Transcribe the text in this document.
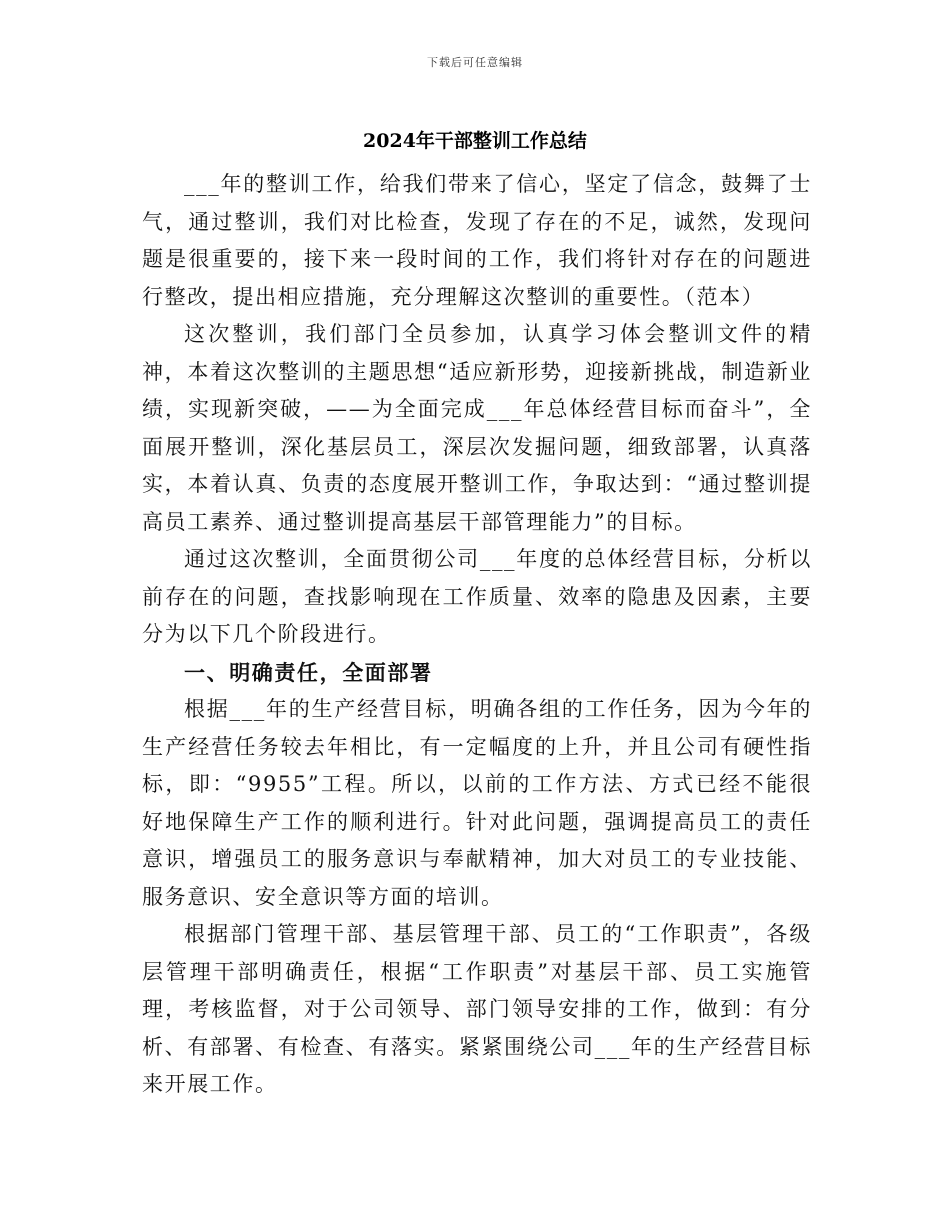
下载后可任意编辑
2024年干部整训工作总结

___年的整训工作，给我们带来了信心，坚定了信念，鼓舞了士气，通过整训，我们对比检查，发现了存在的不足，诚然，发现问题是很重要的，接下来一段时间的工作，我们将针对存在的问题进行整改，提出相应措施，充分理解这次整训的重要性。（范本）

这次整训，我们部门全员参加，认真学习体会整训文件的精神，本着这次整训的主题思想“适应新形势，迎接新挑战，制造新业绩，实现新突破，——为全面完成___年总体经营目标而奋斗”，全面展开整训，深化基层员工，深层次发掘问题，细致部署，认真落实，本着认真、负责的态度展开整训工作，争取达到：“通过整训提高员工素养、通过整训提高基层干部管理能力”的目标。

通过这次整训，全面贯彻公司___年度的总体经营目标，分析以前存在的问题，查找影响现在工作质量、效率的隐患及因素，主要分为以下几个阶段进行。

一、明确责任，全面部署

根据___年的生产经营目标，明确各组的工作任务，因为今年的生产经营任务较去年相比，有一定幅度的上升，并且公司有硬性指标，即：“9955”工程。所以，以前的工作方法、方式已经不能很好地保障生产工作的顺利进行。针对此问题，强调提高员工的责任意识，增强员工的服务意识与奉献精神，加大对员工的专业技能、服务意识、安全意识等方面的培训。

根据部门管理干部、基层管理干部、员工的“工作职责”，各级层管理干部明确责任，根据“工作职责”对基层干部、员工实施管理，考核监督，对于公司领导、部门领导安排的工作，做到：有分析、有部署、有检查、有落实。紧紧围绕公司___年的生产经营目标来开展工作。
